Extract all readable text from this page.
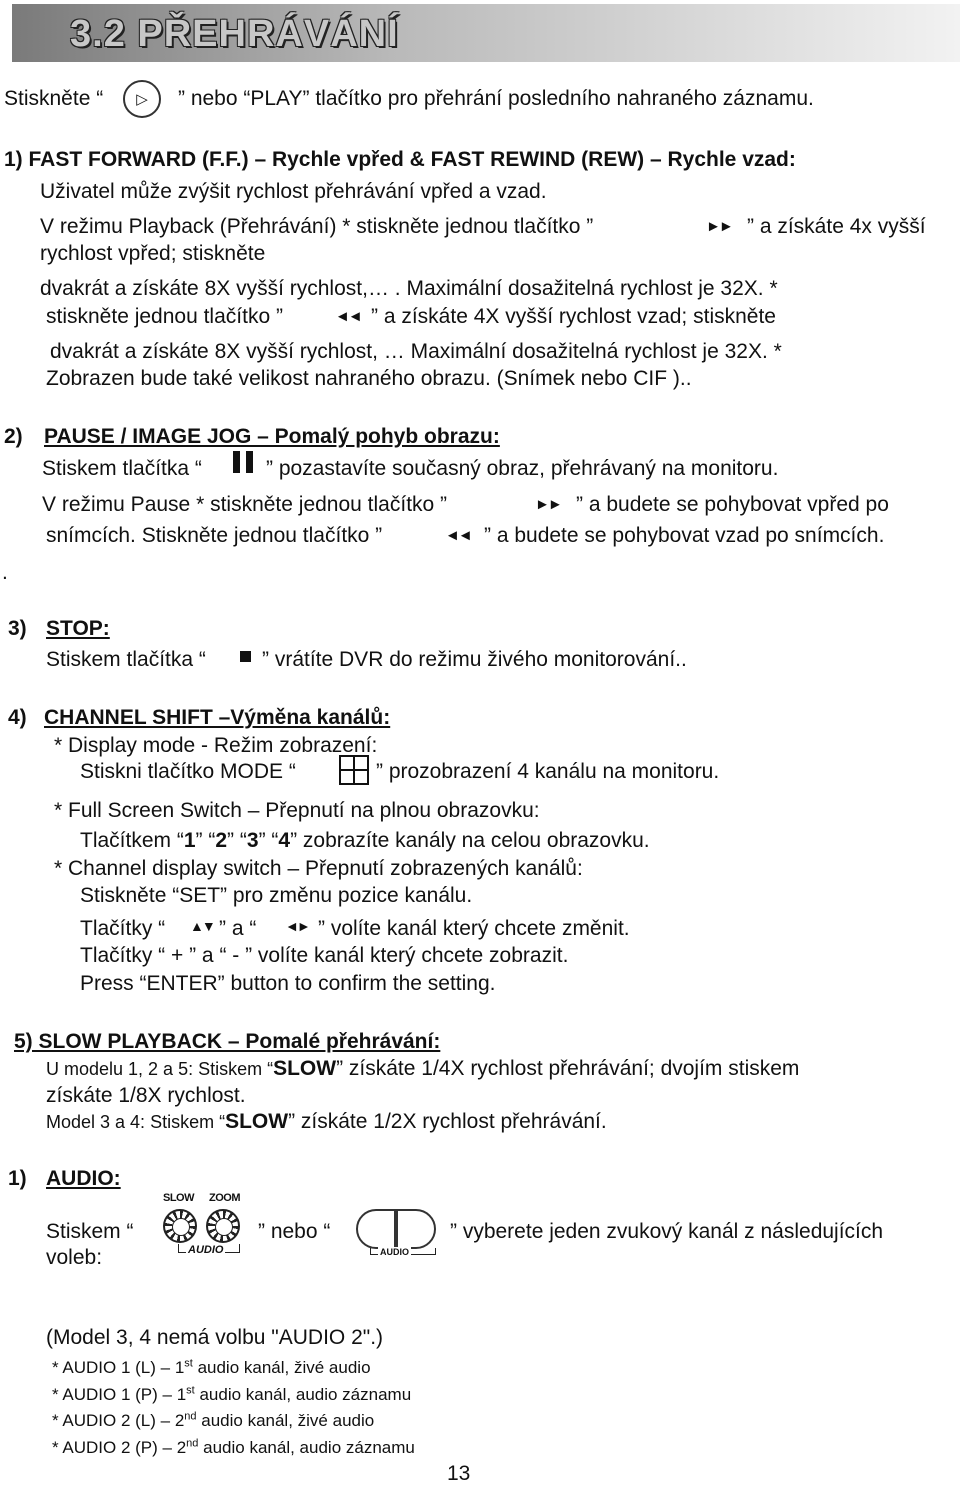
3.2 PŘEHRÁVÁNÍ
Stiskněte “	▷	” nebo “PLAY” tlačítko pro přehrání posledního nahraného záznamu.
1) FAST FORWARD (F.F.) – Rychle vpřed & FAST REWIND (REW) – Rychle vzad:
Uživatel může zvýšit rychlost přehrávání vpřed a vzad.
V režimu Playback (Přehrávání) * stiskněte jednou tlačítko ”	►► ” a získáte 4x vyšší
rychlost vpřed; stiskněte
dvakrát a získáte 8X vyšší rychlost,… . Maximální dosažitelná rychlost je 32X. *
stiskněte jednou tlačítko ”	◄◄ ” a získáte 4X vyšší rychlost vzad; stiskněte
dvakrát a získáte 8X vyšší rychlost, … Maximální dosažitelná rychlost je 32X. *
Zobrazen bude také velikost nahraného obrazu. (Snímek nebo CIF )..
2) PAUSE / IMAGE JOG – Pomalý pohyb obrazu:
Stiskem tlačítka “	” pozastavíte současný obraz, přehrávaný na monitoru.
V režimu Pause * stiskněte jednou tlačítko ”	►► ” a budete se pohybovat vpřed po
snímcích. Stiskněte jednou tlačítko ”	◄◄ ” a budete se pohybovat vzad po snímcích.
.
3) STOP:
Stiskem tlačítka “	” vrátíte DVR do režimu živého monitorování..
4) CHANNEL SHIFT –Výměna kanálů:
* Display mode - Režim zobrazení:
Stiskni tlačítko MODE “	” prozobrazení 4 kanálu na monitoru.
* Full Screen Switch – Přepnutí na plnou obrazovku:
Tlačítkem “1” “2” “3” “4” zobrazíte kanály na celou obrazovku.
* Channel display switch – Přepnutí zobrazených kanálů:
Stiskněte “SET” pro změnu pozice kanálu.
Tlačítky “ ▲▼ ” a “ ◄► ” volíte kanál který chcete změnit.
Tlačítky “ + ” a “ - ” volíte kanál který chcete zobrazit.
Press “ENTER” button to confirm the setting.
5) SLOW PLAYBACK – Pomalé přehrávání:
U modelu 1, 2 a 5: Stiskem “SLOW” získáte 1/4X rychlost přehrávání; dvojím stiskem
získáte 1/8X rychlost.
Model 3 a 4: Stiskem “SLOW” získáte 1/2X rychlost přehrávání.
1) AUDIO:
SLOW ZOOM
AUDIO
Stiskem “	” nebo “
AUDIO
” vyberete jeden zvukový kanál z následujících
voleb:
(Model 3, 4 nemá volbu "AUDIO 2".)
* AUDIO 1 (L) – 1st audio kanál, živé audio
* AUDIO 1 (P) – 1st audio kanál, audio záznamu
* AUDIO 2 (L) – 2nd audio kanál, živé audio
* AUDIO 2 (P) – 2nd audio kanál, audio záznamu
13
